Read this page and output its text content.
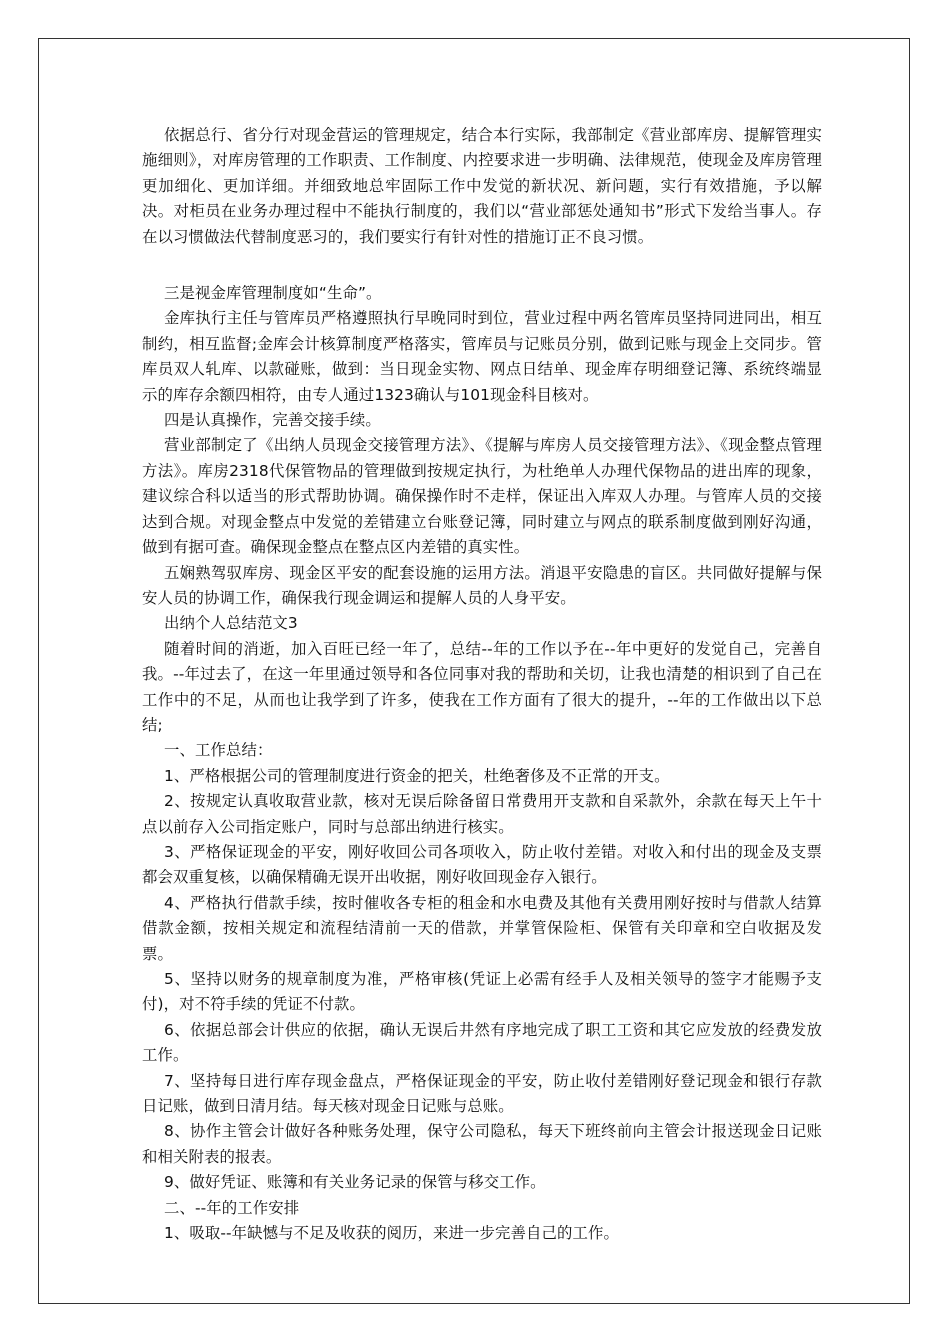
依据总行、省分行对现金营运的管理规定，结合本行实际，我部制定《营业部库房、提解管理实施细则》，对库房管理的工作职责、工作制度、内控要求进一步明确、法律规范，使现金及库房管理更加细化、更加详细。并细致地总牢固际工作中发觉的新状况、新问题，实行有效措施，予以解决。对柜员在业务办理过程中不能执行制度的，我们以“营业部惩处通知书”形式下发给当事人。存在以习惯做法代替制度恶习的，我们要实行有针对性的措施订正不良习惯。

三是视金库管理制度如“生命”。

金库执行主任与管库员严格遵照执行早晚同时到位，营业过程中两名管库员坚持同进同出，相互制约，相互监督;金库会计核算制度严格落实，管库员与记账员分别，做到记账与现金上交同步。管库员双人轧库、以款碰账，做到：当日现金实物、网点日结单、现金库存明细登记簿、系统终端显示的库存余额四相符，由专人通过1323确认与101现金科目核对。

四是认真操作，完善交接手续。

营业部制定了《出纳人员现金交接管理方法》、《提解与库房人员交接管理方法》、《现金整点管理方法》。库房2318代保管物品的管理做到按规定执行，为杜绝单人办理代保物品的进出库的现象，建议综合科以适当的形式帮助协调。确保操作时不走样，保证出入库双人办理。与管库人员的交接达到合规。对现金整点中发觉的差错建立台账登记簿，同时建立与网点的联系制度做到刚好沟通，做到有据可查。确保现金整点在整点区内差错的真实性。

五娴熟驾驭库房、现金区平安的配套设施的运用方法。消退平安隐患的盲区。共同做好提解与保安人员的协调工作，确保我行现金调运和提解人员的人身平安。

出纳个人总结范文3

随着时间的消逝，加入百旺已经一年了，总结--年的工作以予在--年中更好的发觉自己，完善自我。--年过去了，在这一年里通过领导和各位同事对我的帮助和关切，让我也清楚的相识到了自己在工作中的不足，从而也让我学到了许多，使我在工作方面有了很大的提升，--年的工作做出以下总结;

一、工作总结：

1、严格根据公司的管理制度进行资金的把关，杜绝奢侈及不正常的开支。

2、按规定认真收取营业款，核对无误后除备留日常费用开支款和自采款外，余款在每天上午十点以前存入公司指定账户，同时与总部出纳进行核实。

3、严格保证现金的平安，刚好收回公司各项收入，防止收付差错。对收入和付出的现金及支票都会双重复核，以确保精确无误开出收据，刚好收回现金存入银行。

4、严格执行借款手续，按时催收各专柜的租金和水电费及其他有关费用刚好按时与借款人结算借款金额，按相关规定和流程结清前一天的借款，并掌管保险柜、保管有关印章和空白收据及发票。

5、坚持以财务的规章制度为准，严格审核(凭证上必需有经手人及相关领导的签字才能赐予支付)，对不符手续的凭证不付款。

6、依据总部会计供应的依据，确认无误后井然有序地完成了职工工资和其它应发放的经费发放工作。

7、坚持每日进行库存现金盘点，严格保证现金的平安，防止收付差错刚好登记现金和银行存款日记账，做到日清月结。每天核对现金日记账与总账。

8、协作主管会计做好各种账务处理，保守公司隐私，每天下班终前向主管会计报送现金日记账和相关附表的报表。

9、做好凭证、账簿和有关业务记录的保管与移交工作。

二、--年的工作安排

1、吸取--年缺憾与不足及收获的阅历，来进一步完善自己的工作。
